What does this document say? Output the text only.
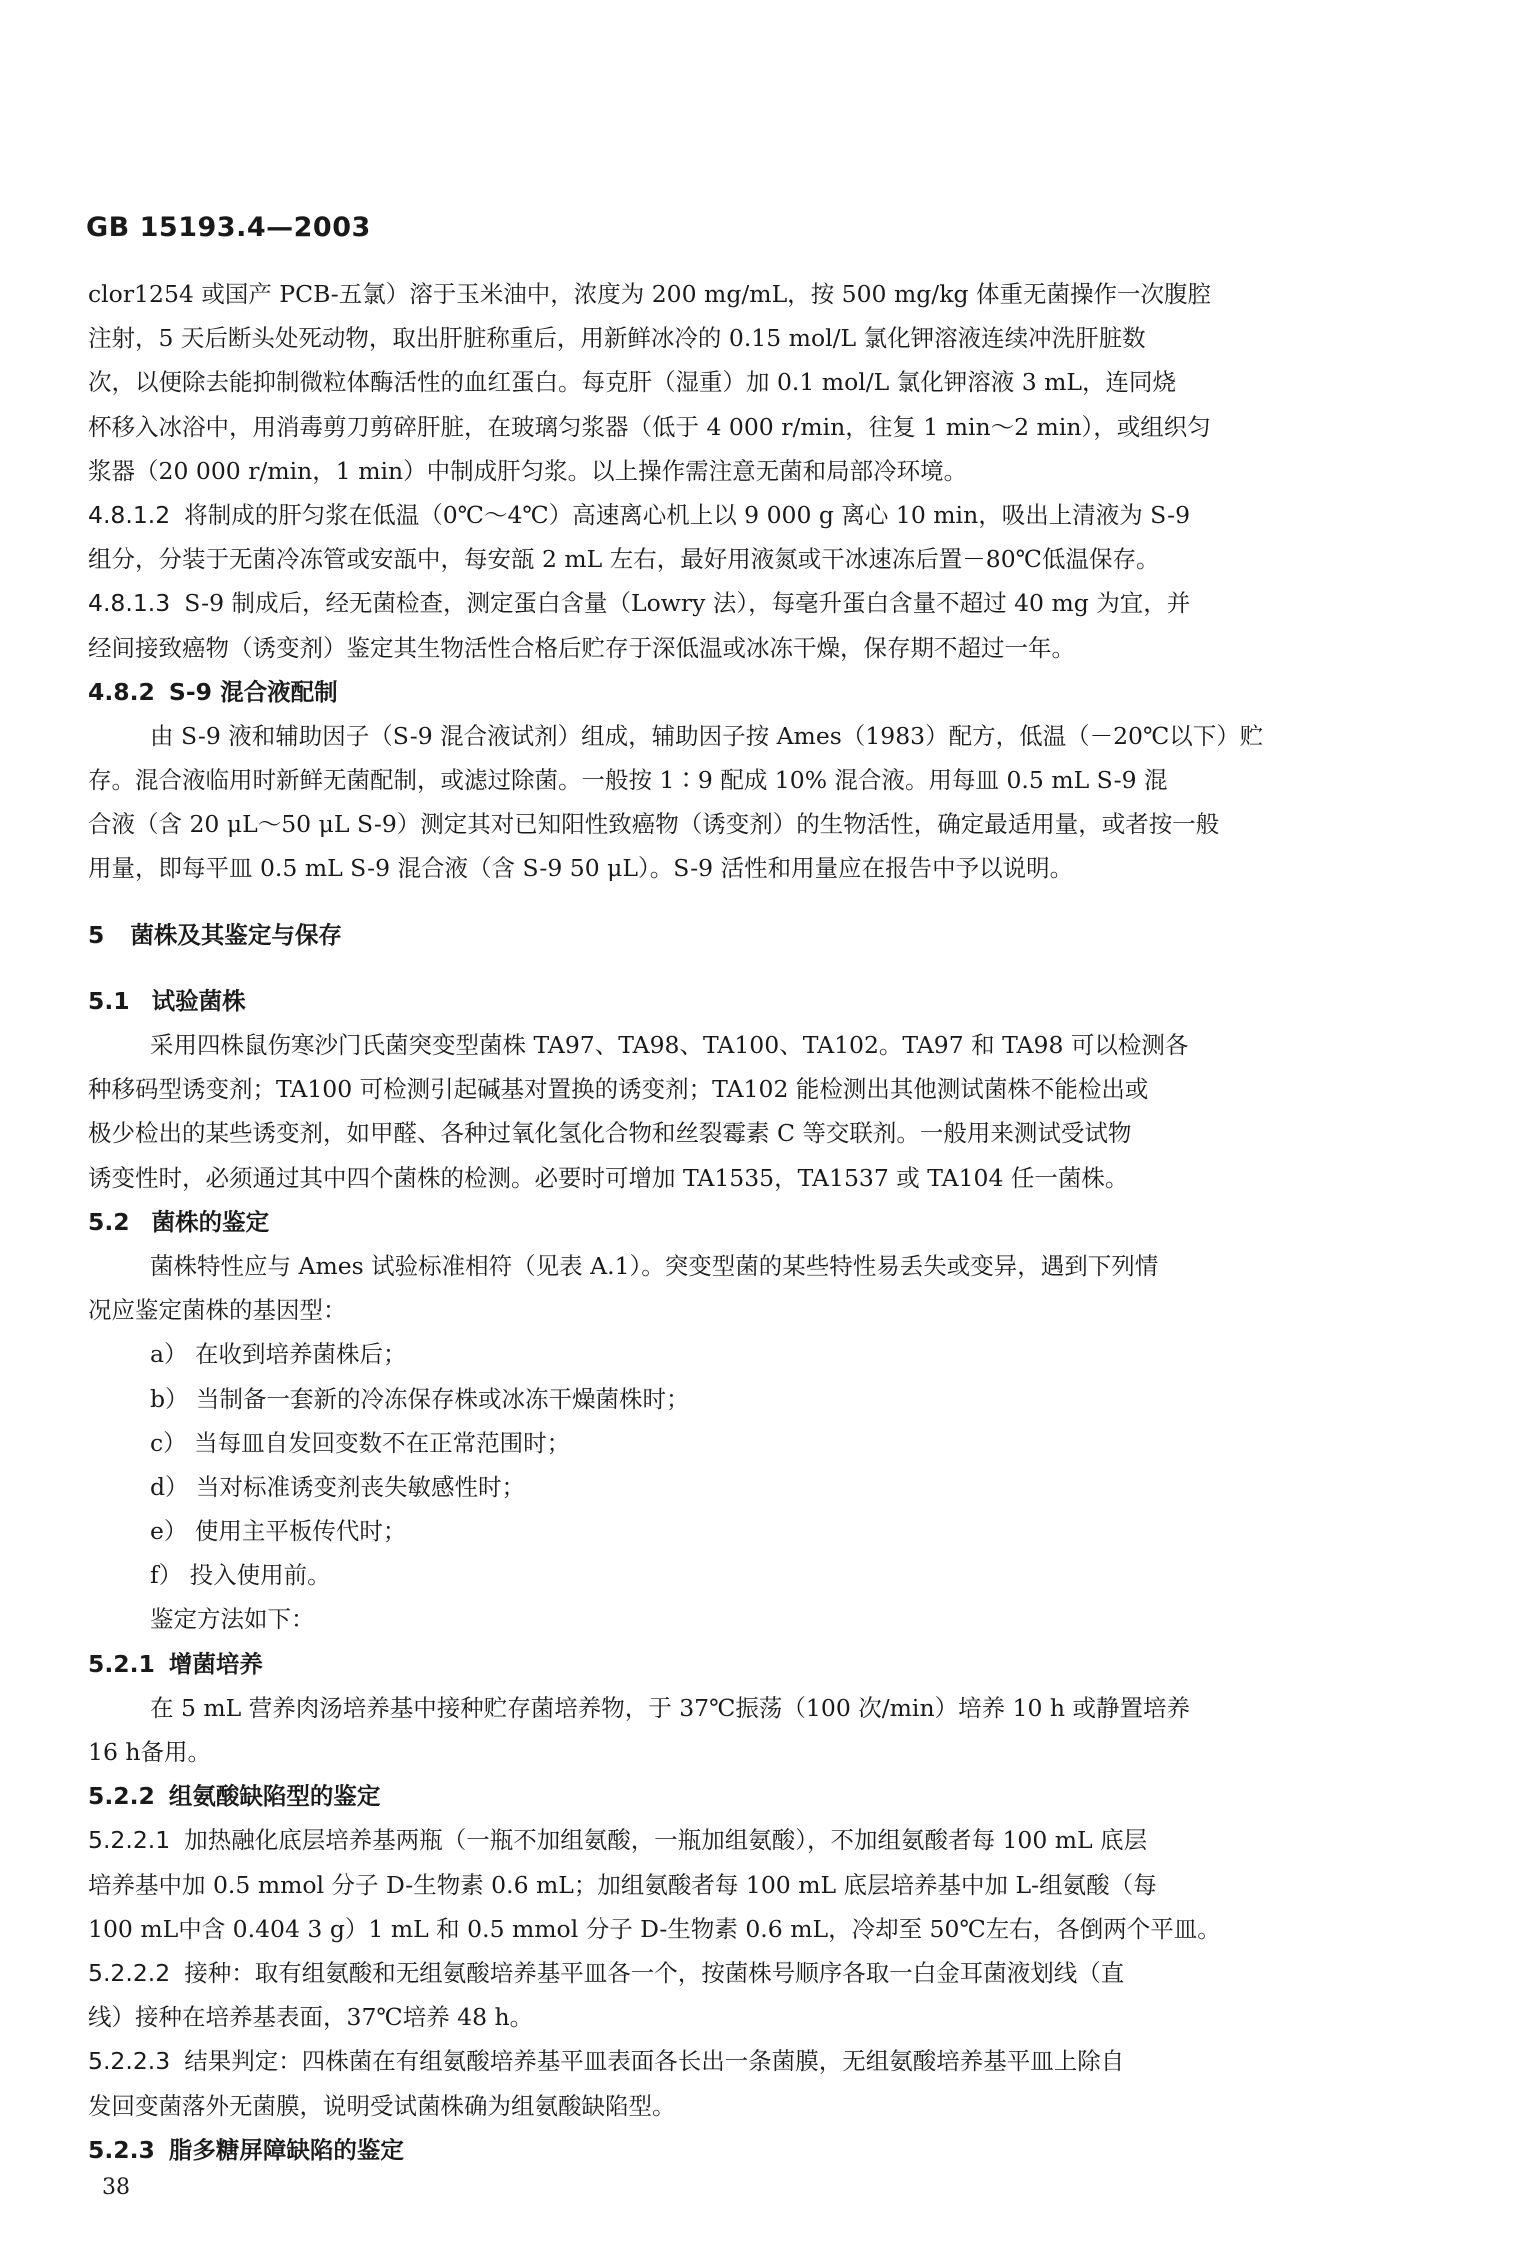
GB 15193.4—2003
clor1254 或国产 PCB-五氯）溶于玉米油中，浓度为 200 mg/mL，按 500 mg/kg 体重无菌操作一次腹腔
注射，5 天后断头处死动物，取出肝脏称重后，用新鲜冰冷的 0.15 mol/L 氯化钾溶液连续冲洗肝脏数
次，以便除去能抑制微粒体酶活性的血红蛋白。每克肝（湿重）加 0.1 mol/L 氯化钾溶液 3 mL，连同烧
杯移入冰浴中，用消毒剪刀剪碎肝脏，在玻璃匀浆器（低于 4 000 r/min，往复 1 min～2 min），或组织匀
浆器（20 000 r/min，1 min）中制成肝匀浆。以上操作需注意无菌和局部冷环境。
4.8.1.2 将制成的肝匀浆在低温（0℃～4℃）高速离心机上以 9 000 g 离心 10 min，吸出上清液为 S-9
组分，分装于无菌冷冻管或安瓿中，每安瓿 2 mL 左右，最好用液氮或干冰速冻后置－80℃低温保存。
4.8.1.3 S-9 制成后，经无菌检查，测定蛋白含量（Lowry 法），每毫升蛋白含量不超过 40 mg 为宜，并
经间接致癌物（诱变剂）鉴定其生物活性合格后贮存于深低温或冰冻干燥，保存期不超过一年。
4.8.2 S-9 混合液配制
由 S-9 液和辅助因子（S-9 混合液试剂）组成，辅助因子按 Ames（1983）配方，低温（－20℃以下）贮
存。混合液临用时新鲜无菌配制，或滤过除菌。一般按 1∶9 配成 10% 混合液。用每皿 0.5 mL S-9 混
合液（含 20 μL～50 μL S-9）测定其对已知阳性致癌物（诱变剂）的生物活性，确定最适用量，或者按一般
用量，即每平皿 0.5 mL S-9 混合液（含 S-9 50 μL）。S-9 活性和用量应在报告中予以说明。
5 菌株及其鉴定与保存
5.1 试验菌株
采用四株鼠伤寒沙门氏菌突变型菌株 TA97、TA98、TA100、TA102。TA97 和 TA98 可以检测各
种移码型诱变剂；TA100 可检测引起碱基对置换的诱变剂；TA102 能检测出其他测试菌株不能检出或
极少检出的某些诱变剂，如甲醛、各种过氧化氢化合物和丝裂霉素 C 等交联剂。一般用来测试受试物
诱变性时，必须通过其中四个菌株的检测。必要时可增加 TA1535，TA1537 或 TA104 任一菌株。
5.2 菌株的鉴定
菌株特性应与 Ames 试验标准相符（见表 A.1）。突变型菌的某些特性易丢失或变异，遇到下列情
况应鉴定菌株的基因型：
a） 在收到培养菌株后；
b） 当制备一套新的冷冻保存株或冰冻干燥菌株时；
c） 当每皿自发回变数不在正常范围时；
d） 当对标准诱变剂丧失敏感性时；
e） 使用主平板传代时；
f） 投入使用前。
鉴定方法如下：
5.2.1 增菌培养
在 5 mL 营养肉汤培养基中接种贮存菌培养物，于 37℃振荡（100 次/min）培养 10 h 或静置培养
16 h备用。
5.2.2 组氨酸缺陷型的鉴定
5.2.2.1 加热融化底层培养基两瓶（一瓶不加组氨酸，一瓶加组氨酸），不加组氨酸者每 100 mL 底层
培养基中加 0.5 mmol 分子 D-生物素 0.6 mL；加组氨酸者每 100 mL 底层培养基中加 L-组氨酸（每
100 mL中含 0.404 3 g）1 mL 和 0.5 mmol 分子 D-生物素 0.6 mL，冷却至 50℃左右，各倒两个平皿。
5.2.2.2 接种：取有组氨酸和无组氨酸培养基平皿各一个，按菌株号顺序各取一白金耳菌液划线（直
线）接种在培养基表面，37℃培养 48 h。
5.2.2.3 结果判定：四株菌在有组氨酸培养基平皿表面各长出一条菌膜，无组氨酸培养基平皿上除自
发回变菌落外无菌膜，说明受试菌株确为组氨酸缺陷型。
5.2.3 脂多糖屏障缺陷的鉴定
38
